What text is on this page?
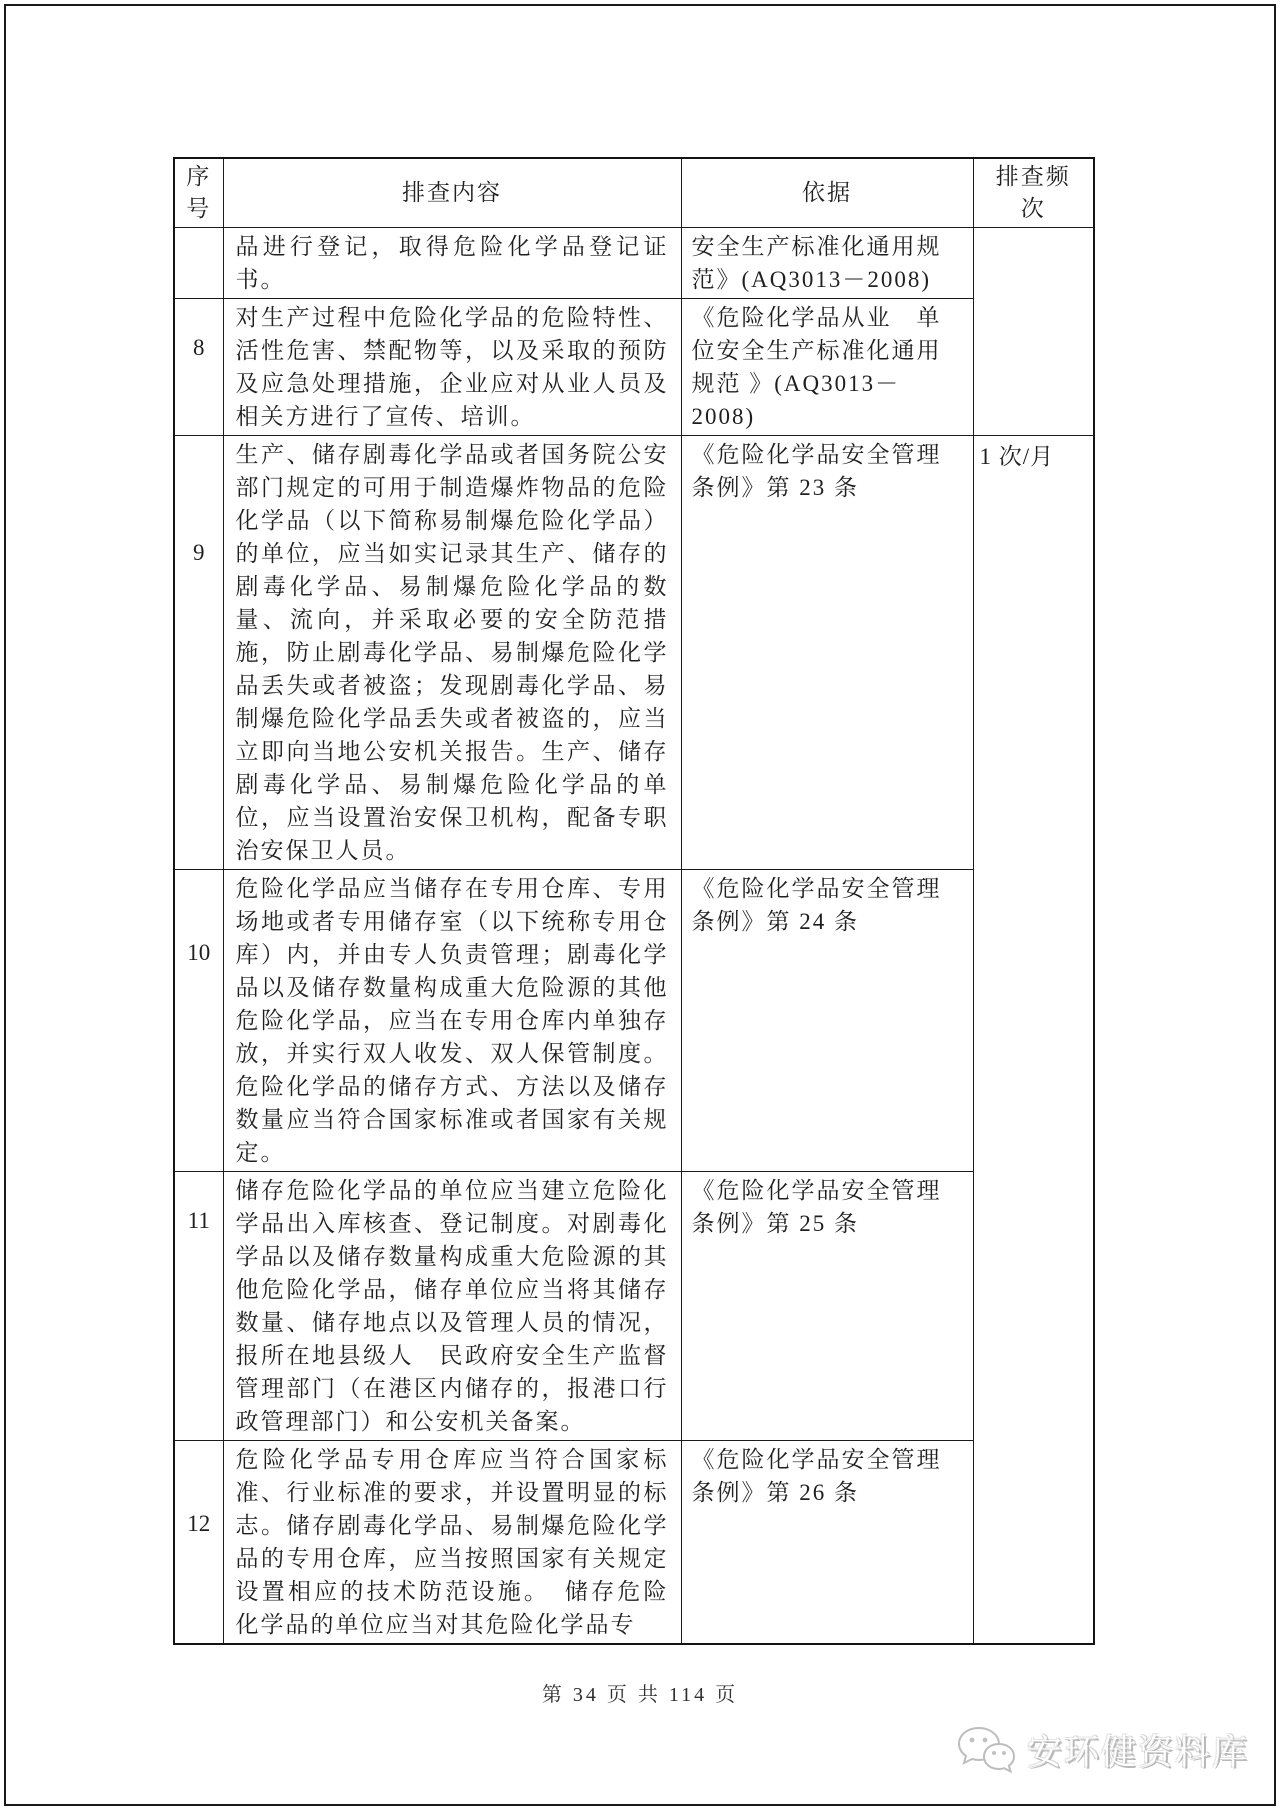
序号	排查内容	依据	排查频次
	品进行登记，取得危险化学品登记证书。	安全生产标准化通用规范》(AQ3013－2008)	
8	对生产过程中危险化学品的危险特性、活性危害、禁配物等，以及采取的预防及应急处理措施，企业应对从业人员及相关方进行了宣传、培训。	《危险化学品从业　单位安全生产标准化通用规范 》(AQ3013－2008)	
9	生产、储存剧毒化学品或者国务院公安部门规定的可用于制造爆炸物品的危险化学品（以下简称易制爆危险化学品）的单位，应当如实记录其生产、储存的剧毒化学品、易制爆危险化学品的数量、流向，并采取必要的安全防范措施，防止剧毒化学品、易制爆危险化学品丢失或者被盗；发现剧毒化学品、易制爆危险化学品丢失或者被盗的，应当立即向当地公安机关报告。生产、储存剧毒化学品、易制爆危险化学品的单位，应当设置治安保卫机构，配备专职治安保卫人员。	《危险化学品安全管理条例》第 23 条	1 次/月
10	危险化学品应当储存在专用仓库、专用场地或者专用储存室（以下统称专用仓库）内，并由专人负责管理；剧毒化学品以及储存数量构成重大危险源的其他危险化学品，应当在专用仓库内单独存放，并实行双人收发、双人保管制度。危险化学品的储存方式、方法以及储存数量应当符合国家标准或者国家有关规定。	《危险化学品安全管理条例》第 24 条	
11	储存危险化学品的单位应当建立危险化学品出入库核查、登记制度。对剧毒化学品以及储存数量构成重大危险源的其他危险化学品，储存单位应当将其储存数量、储存地点以及管理人员的情况，报所在地县级人　民政府安全生产监督管理部门（在港区内储存的，报港口行政管理部门）和公安机关备案。	《危险化学品安全管理条例》第 25 条	
12	危险化学品专用仓库应当符合国家标准、行业标准的要求，并设置明显的标志。储存剧毒化学品、易制爆危险化学品的专用仓库，应当按照国家有关规定设置相应的技术防范设施。　储存危险化学品的单位应当对其危险化学品专	《危险化学品安全管理条例》第 26 条	
第 34 页 共 114 页
安环健资料库
